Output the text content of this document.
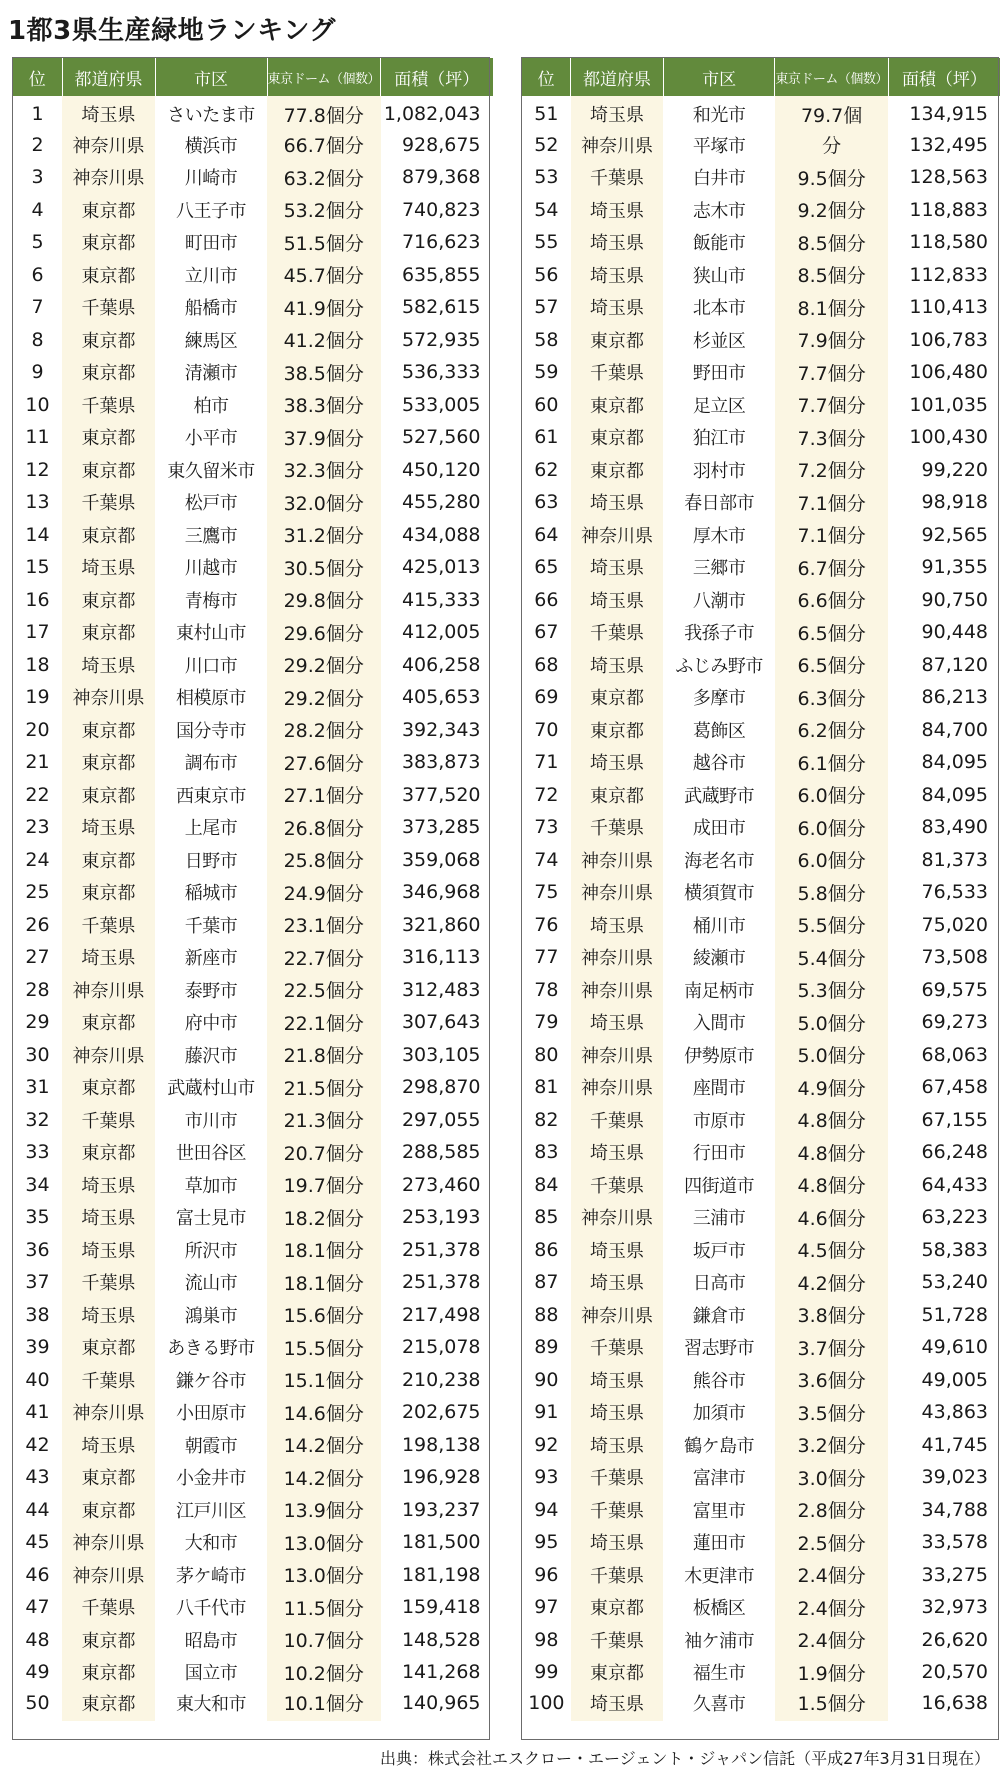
1都3県生産緑地ランキング
位	都道府県	市区	東京ドーム（個数）	面積（坪）
1	埼玉県	さいたま市	77.8個分	1,082,043
2	神奈川県	横浜市	66.7個分	928,675
3	神奈川県	川崎市	63.2個分	879,368
4	東京都	八王子市	53.2個分	740,823
5	東京都	町田市	51.5個分	716,623
6	東京都	立川市	45.7個分	635,855
7	千葉県	船橋市	41.9個分	582,615
8	東京都	練馬区	41.2個分	572,935
9	東京都	清瀬市	38.5個分	536,333
10	千葉県	柏市	38.3個分	533,005
11	東京都	小平市	37.9個分	527,560
12	東京都	東久留米市	32.3個分	450,120
13	千葉県	松戸市	32.0個分	455,280
14	東京都	三鷹市	31.2個分	434,088
15	埼玉県	川越市	30.5個分	425,013
16	東京都	青梅市	29.8個分	415,333
17	東京都	東村山市	29.6個分	412,005
18	埼玉県	川口市	29.2個分	406,258
19	神奈川県	相模原市	29.2個分	405,653
20	東京都	国分寺市	28.2個分	392,343
21	東京都	調布市	27.6個分	383,873
22	東京都	西東京市	27.1個分	377,520
23	埼玉県	上尾市	26.8個分	373,285
24	東京都	日野市	25.8個分	359,068
25	東京都	稲城市	24.9個分	346,968
26	千葉県	千葉市	23.1個分	321,860
27	埼玉県	新座市	22.7個分	316,113
28	神奈川県	泰野市	22.5個分	312,483
29	東京都	府中市	22.1個分	307,643
30	神奈川県	藤沢市	21.8個分	303,105
31	東京都	武蔵村山市	21.5個分	298,870
32	千葉県	市川市	21.3個分	297,055
33	東京都	世田谷区	20.7個分	288,585
34	埼玉県	草加市	19.7個分	273,460
35	埼玉県	富士見市	18.2個分	253,193
36	埼玉県	所沢市	18.1個分	251,378
37	千葉県	流山市	18.1個分	251,378
38	埼玉県	鴻巣市	15.6個分	217,498
39	東京都	あきる野市	15.5個分	215,078
40	千葉県	鎌ケ谷市	15.1個分	210,238
41	神奈川県	小田原市	14.6個分	202,675
42	埼玉県	朝霞市	14.2個分	198,138
43	東京都	小金井市	14.2個分	196,928
44	東京都	江戸川区	13.9個分	193,237
45	神奈川県	大和市	13.0個分	181,500
46	神奈川県	茅ケ崎市	13.0個分	181,198
47	千葉県	八千代市	11.5個分	159,418
48	東京都	昭島市	10.7個分	148,528
49	東京都	国立市	10.2個分	141,268
50	東京都	東大和市	10.1個分	140,965
位	都道府県	市区	東京ドーム（個数）	面積（坪）
51	埼玉県	和光市	79.7個	134,915
52	神奈川県	平塚市	分	132,495
53	千葉県	白井市	9.5個分	128,563
54	埼玉県	志木市	9.2個分	118,883
55	埼玉県	飯能市	8.5個分	118,580
56	埼玉県	狭山市	8.5個分	112,833
57	埼玉県	北本市	8.1個分	110,413
58	東京都	杉並区	7.9個分	106,783
59	千葉県	野田市	7.7個分	106,480
60	東京都	足立区	7.7個分	101,035
61	東京都	狛江市	7.3個分	100,430
62	東京都	羽村市	7.2個分	99,220
63	埼玉県	春日部市	7.1個分	98,918
64	神奈川県	厚木市	7.1個分	92,565
65	埼玉県	三郷市	6.7個分	91,355
66	埼玉県	八潮市	6.6個分	90,750
67	千葉県	我孫子市	6.5個分	90,448
68	埼玉県	ふじみ野市	6.5個分	87,120
69	東京都	多摩市	6.3個分	86,213
70	東京都	葛飾区	6.2個分	84,700
71	埼玉県	越谷市	6.1個分	84,095
72	東京都	武蔵野市	6.0個分	84,095
73	千葉県	成田市	6.0個分	83,490
74	神奈川県	海老名市	6.0個分	81,373
75	神奈川県	横須賀市	5.8個分	76,533
76	埼玉県	桶川市	5.5個分	75,020
77	神奈川県	綾瀬市	5.4個分	73,508
78	神奈川県	南足柄市	5.3個分	69,575
79	埼玉県	入間市	5.0個分	69,273
80	神奈川県	伊勢原市	5.0個分	68,063
81	神奈川県	座間市	4.9個分	67,458
82	千葉県	市原市	4.8個分	67,155
83	埼玉県	行田市	4.8個分	66,248
84	千葉県	四街道市	4.8個分	64,433
85	神奈川県	三浦市	4.6個分	63,223
86	埼玉県	坂戸市	4.5個分	58,383
87	埼玉県	日高市	4.2個分	53,240
88	神奈川県	鎌倉市	3.8個分	51,728
89	千葉県	習志野市	3.7個分	49,610
90	埼玉県	熊谷市	3.6個分	49,005
91	埼玉県	加須市	3.5個分	43,863
92	埼玉県	鶴ケ島市	3.2個分	41,745
93	千葉県	富津市	3.0個分	39,023
94	千葉県	富里市	2.8個分	34,788
95	埼玉県	蓮田市	2.5個分	33,578
96	千葉県	木更津市	2.4個分	33,275
97	東京都	板橋区	2.4個分	32,973
98	千葉県	袖ケ浦市	2.4個分	26,620
99	東京都	福生市	1.9個分	20,570
100	埼玉県	久喜市	1.5個分	16,638
出典：株式会社エスクロー・エージェント・ジャパン信託（平成27年3月31日現在）
